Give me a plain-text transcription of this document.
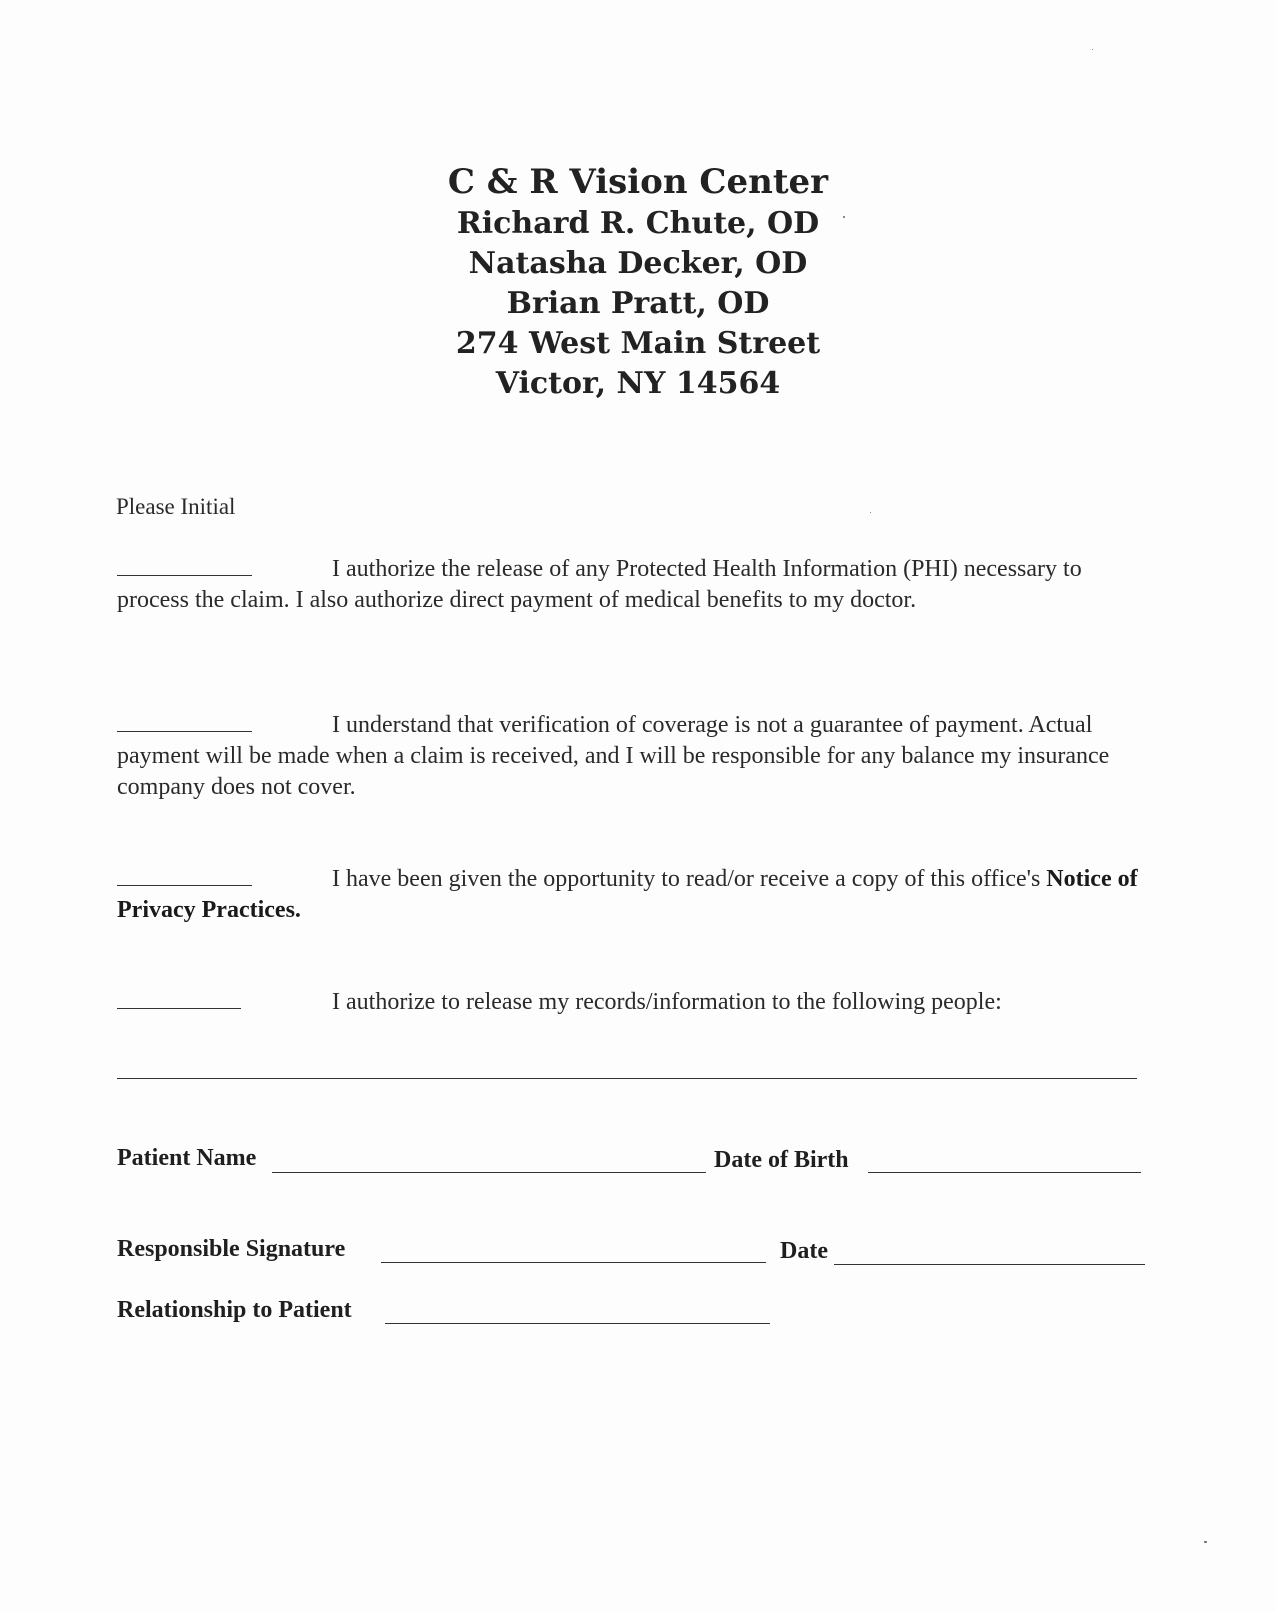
C & R Vision Center
Richard R. Chute, OD
Natasha Decker, OD
Brian Pratt, OD
274 West Main Street
Victor, NY 14564
Please Initial

I authorize the release of any Protected Health Information (PHI) necessary to process the claim. I also authorize direct payment of medical benefits to my doctor.

I understand that verification of coverage is not a guarantee of payment. Actual payment will be made when a claim is received, and I will be responsible for any balance my insurance company does not cover.

I have been given the opportunity to read/or receive a copy of this office's Notice of Privacy Practices.

I authorize to release my records/information to the following people:

Patient Name	Date of Birth
Responsible Signature	Date
Relationship to Patient
